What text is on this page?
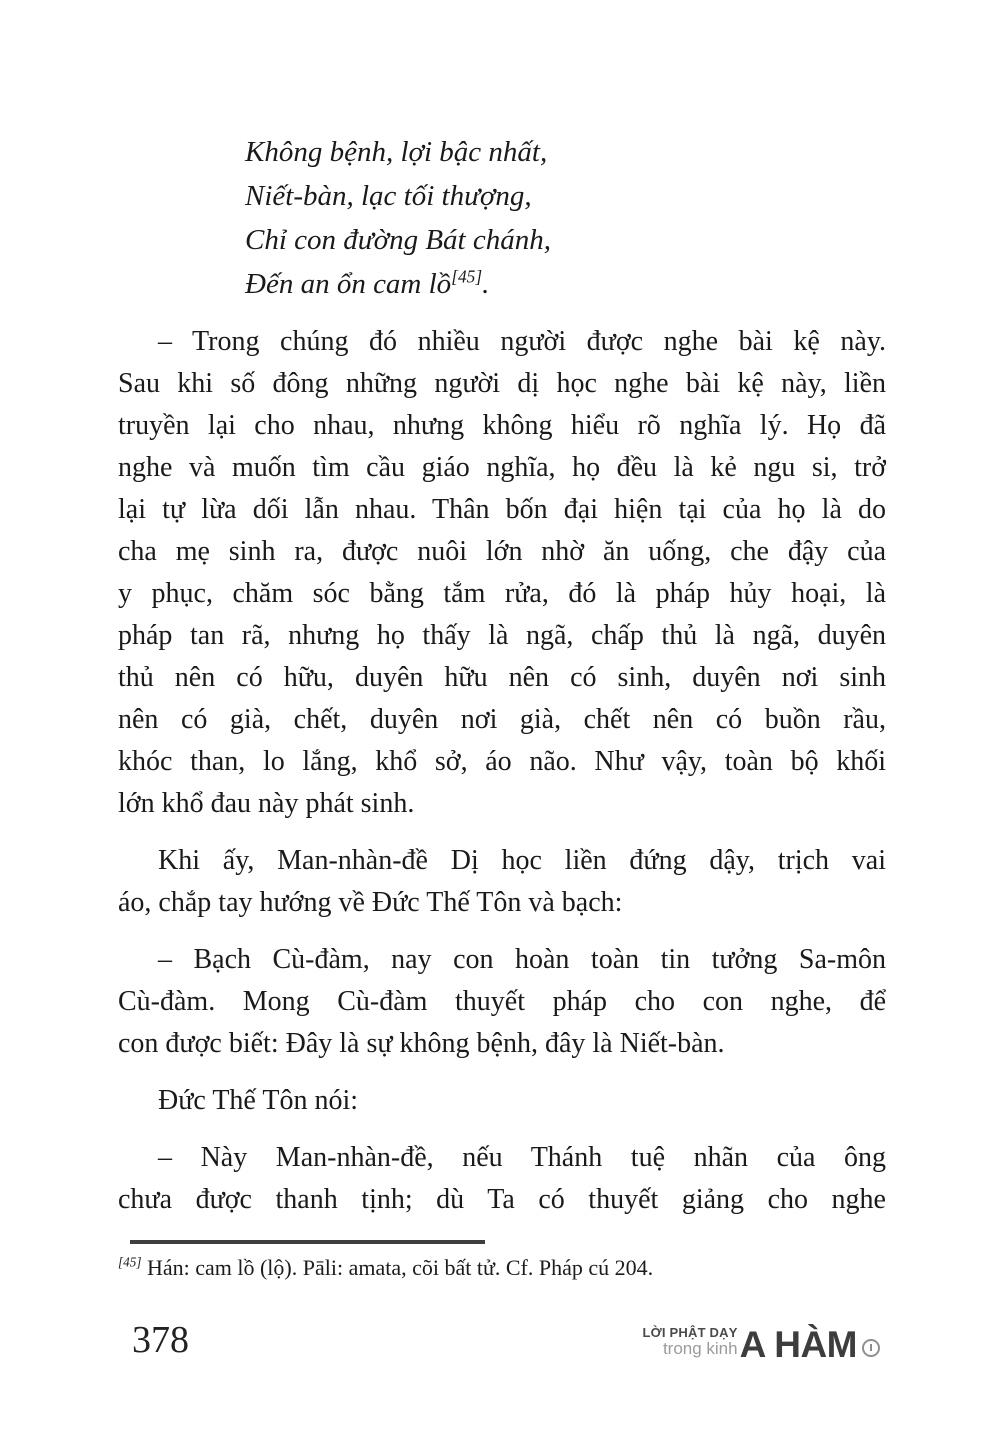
Không bệnh, lợi bậc nhất,
Niết-bàn, lạc tối thượng,
Chỉ con đường Bát chánh,
Đến an ổn cam lồ[45].
– Trong chúng đó nhiều người được nghe bài kệ này.
Sau khi số đông những người dị học nghe bài kệ này, liền
truyền lại cho nhau, nhưng không hiểu rõ nghĩa lý. Họ đã
nghe và muốn tìm cầu giáo nghĩa, họ đều là kẻ ngu si, trở
lại tự lừa dối lẫn nhau. Thân bốn đại hiện tại của họ là do
cha mẹ sinh ra, được nuôi lớn nhờ ăn uống, che đậy của
y phục, chăm sóc bằng tắm rửa, đó là pháp hủy hoại, là
pháp tan rã, nhưng họ thấy là ngã, chấp thủ là ngã, duyên
thủ nên có hữu, duyên hữu nên có sinh, duyên nơi sinh
nên có già, chết, duyên nơi già, chết nên có buồn rầu,
khóc than, lo lắng, khổ sở, áo não. Như vậy, toàn bộ khối
lớn khổ đau này phát sinh.
Khi ấy, Man-nhàn-đề Dị học liền đứng dậy, trịch vai
áo, chắp tay hướng về Đức Thế Tôn và bạch:
– Bạch Cù-đàm, nay con hoàn toàn tin tưởng Sa-môn
Cù-đàm. Mong Cù-đàm thuyết pháp cho con nghe, để
con được biết: Đây là sự không bệnh, đây là Niết-bàn.
Đức Thế Tôn nói:
– Này Man-nhàn-đề, nếu Thánh tuệ nhãn của ông
chưa được thanh tịnh; dù Ta có thuyết giảng cho nghe
[45] Hán: cam lồ (lộ). Pāli: amata, cõi bất tử. Cf. Pháp cú 204.
378	LỜI PHẬT DẠY
trong kinh A HÀM	I
